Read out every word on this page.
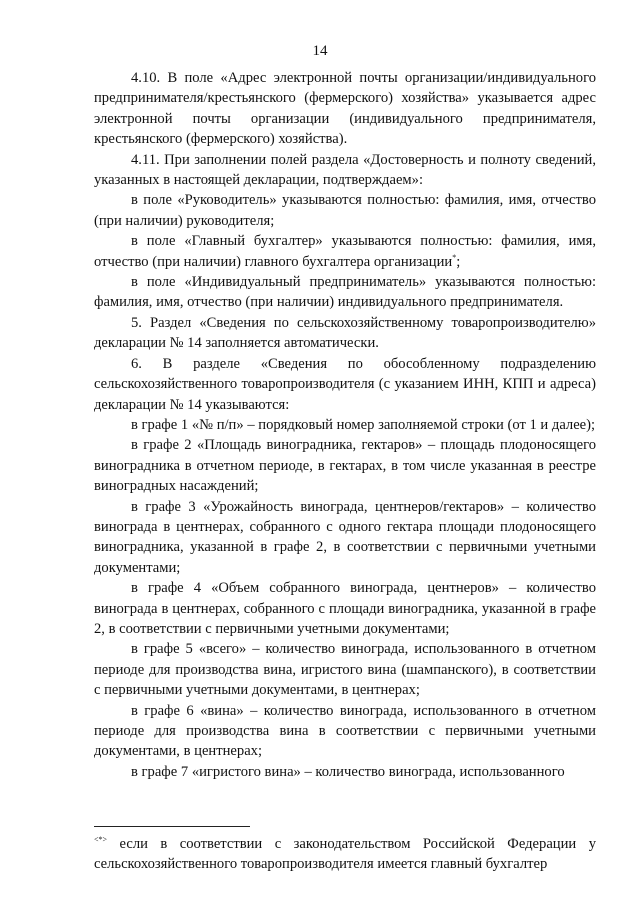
14

4.10. В поле «Адрес электронной почты организации/индивидуального предпринимателя/крестьянского (фермерского) хозяйства» указывается адрес электронной почты организации (индивидуального предпринимателя, крестьянского (фермерского) хозяйства).

4.11. При заполнении полей раздела «Достоверность и полноту сведений, указанных в настоящей декларации, подтверждаем»:

в поле «Руководитель» указываются полностью: фамилия, имя, отчество (при наличии) руководителя;

в поле «Главный бухгалтер» указываются полностью: фамилия, имя, отчество (при наличии) главного бухгалтера организации*;

в поле «Индивидуальный предприниматель» указываются полностью: фамилия, имя, отчество (при наличии) индивидуального предпринимателя.

5. Раздел «Сведения по сельскохозяйственному товаропроизводителю» декларации № 14 заполняется автоматически.

6. В разделе «Сведения по обособленному подразделению сельскохозяйственного товаропроизводителя (с указанием ИНН, КПП и адреса) декларации № 14 указываются:

в графе 1 «№ п/п» – порядковый номер заполняемой строки (от 1 и далее);

в графе 2 «Площадь виноградника, гектаров» – площадь плодоносящего виноградника в отчетном периоде, в гектарах, в том числе указанная в реестре виноградных насаждений;

в графе 3 «Урожайность винограда, центнеров/гектаров» – количество винограда в центнерах, собранного с одного гектара площади плодоносящего виноградника, указанной в графе 2, в соответствии с первичными учетными документами;

в графе 4 «Объем собранного винограда, центнеров» – количество винограда в центнерах, собранного с площади виноградника, указанной в графе 2, в соответствии с первичными учетными документами;

в графе 5 «всего» – количество винограда, использованного в отчетном периоде для производства вина, игристого вина (шампанского), в соответствии с первичными учетными документами, в центнерах;

в графе 6 «вина» – количество винограда, использованного в отчетном периоде для производства вина в соответствии с первичными учетными документами, в центнерах;

в графе 7 «игристого вина» – количество винограда, использованного

<*> если в соответствии с законодательством Российской Федерации у сельскохозяйственного товаропроизводителя имеется главный бухгалтер
